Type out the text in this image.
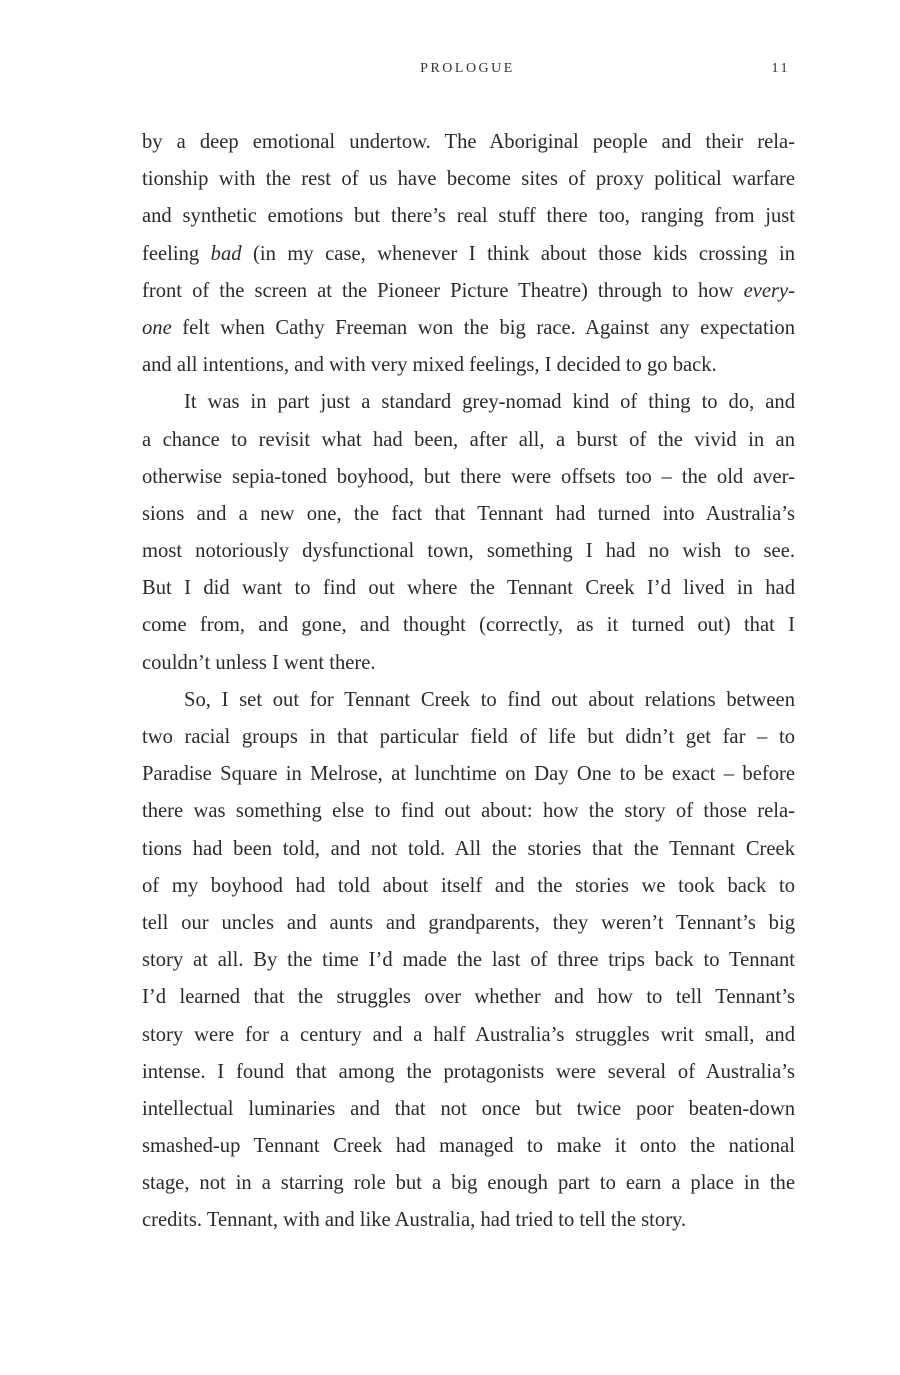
PROLOGUE	11
by a deep emotional undertow. The Aboriginal people and their rela-
tionship with the rest of us have become sites of proxy political warfare
and synthetic emotions but there’s real stuff there too, ranging from just
feeling bad (in my case, whenever I think about those kids crossing in
front of the screen at the Pioneer Picture Theatre) through to how every-
one felt when Cathy Freeman won the big race. Against any expectation
and all intentions, and with very mixed feelings, I decided to go back.
It was in part just a standard grey-nomad kind of thing to do, and
a chance to revisit what had been, after all, a burst of the vivid in an
otherwise sepia-toned boyhood, but there were offsets too – the old aver-
sions and a new one, the fact that Tennant had turned into Australia’s
most notoriously dysfunctional town, something I had no wish to see.
But I did want to find out where the Tennant Creek I’d lived in had
come from, and gone, and thought (correctly, as it turned out) that I
couldn’t unless I went there.
So, I set out for Tennant Creek to find out about relations between
two racial groups in that particular field of life but didn’t get far – to
Paradise Square in Melrose, at lunchtime on Day One to be exact – before
there was something else to find out about: how the story of those rela-
tions had been told, and not told. All the stories that the Tennant Creek
of my boyhood had told about itself and the stories we took back to
tell our uncles and aunts and grandparents, they weren’t Tennant’s big
story at all. By the time I’d made the last of three trips back to Tennant
I’d learned that the struggles over whether and how to tell Tennant’s
story were for a century and a half Australia’s struggles writ small, and
intense. I found that among the protagonists were several of Australia’s
intellectual luminaries and that not once but twice poor beaten-down
smashed-up Tennant Creek had managed to make it onto the national
stage, not in a starring role but a big enough part to earn a place in the
credits. Tennant, with and like Australia, had tried to tell the story.
